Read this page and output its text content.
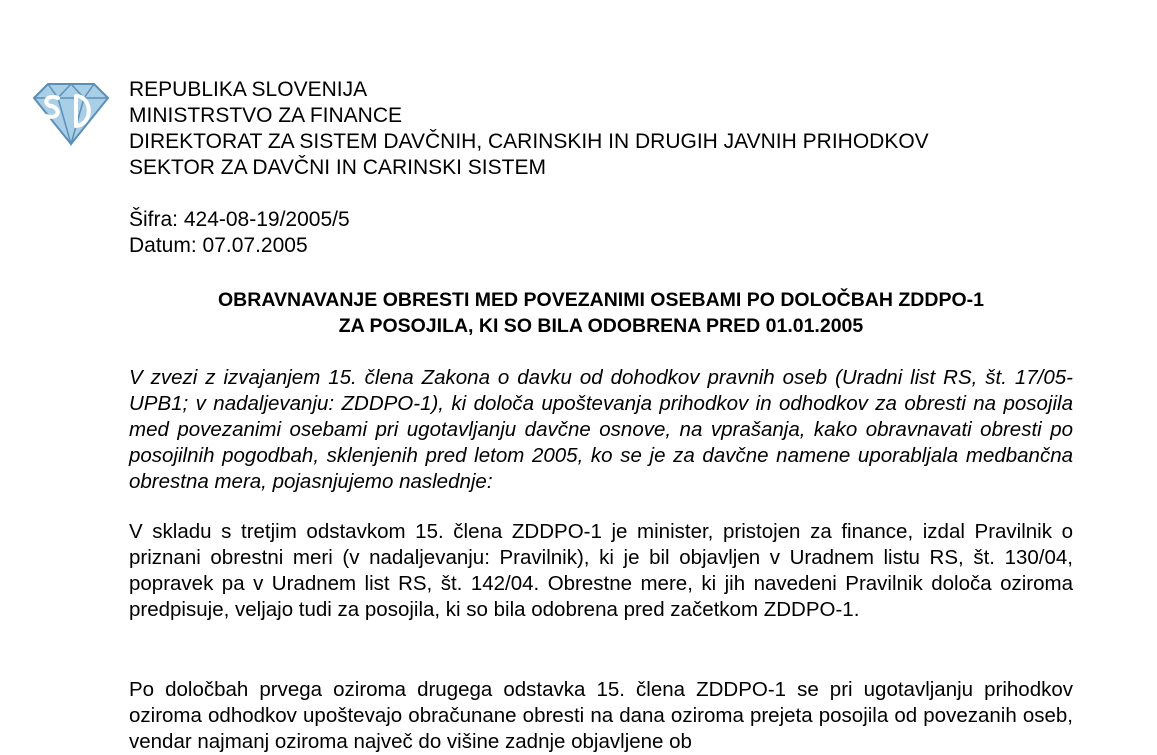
REPUBLIKA SLOVENIJA
MINISTRSTVO ZA FINANCE
DIREKTORAT ZA SISTEM DAVČNIH, CARINSKIH IN DRUGIH JAVNIH PRIHODKOV
SEKTOR ZA DAVČNI IN CARINSKI SISTEM
Šifra: 424-08-19/2005/5
Datum: 07.07.2005
OBRAVNAVANJE OBRESTI MED POVEZANIMI OSEBAMI PO DOLOČBAH ZDDPO-1
ZA POSOJILA, KI SO BILA ODOBRENA PRED 01.01.2005

V zvezi z izvajanjem 15. člena Zakona o davku od dohodkov pravnih oseb (Uradni list RS, št. 17/05-UPB1; v nadaljevanju: ZDDPO-1), ki določa upoštevanja prihodkov in odhodkov za obresti na posojila med povezanimi osebami pri ugotavljanju davčne osnove, na vprašanja, kako obravnavati obresti po posojilnih pogodbah, sklenjenih pred letom 2005, ko se je za davčne namene uporabljala medbančna obrestna mera, pojasnjujemo naslednje:

V skladu s tretjim odstavkom 15. člena ZDDPO-1 je minister, pristojen za finance, izdal Pravilnik o priznani obrestni meri (v nadaljevanju: Pravilnik), ki je bil objavljen v Uradnem listu RS, št. 130/04, popravek pa v Uradnem list RS, št. 142/04. Obrestne mere, ki jih navedeni Pravilnik določa oziroma predpisuje, veljajo tudi za posojila, ki so bila odobrena pred začetkom ZDDPO-1.

Po določbah prvega oziroma drugega odstavka 15. člena ZDDPO-1 se pri ugotavljanju prihodkov oziroma odhodkov upoštevajo obračunane obresti na dana oziroma prejeta posojila od povezanih oseb, vendar najmanj oziroma največ do višine zadnje objavljene ob
